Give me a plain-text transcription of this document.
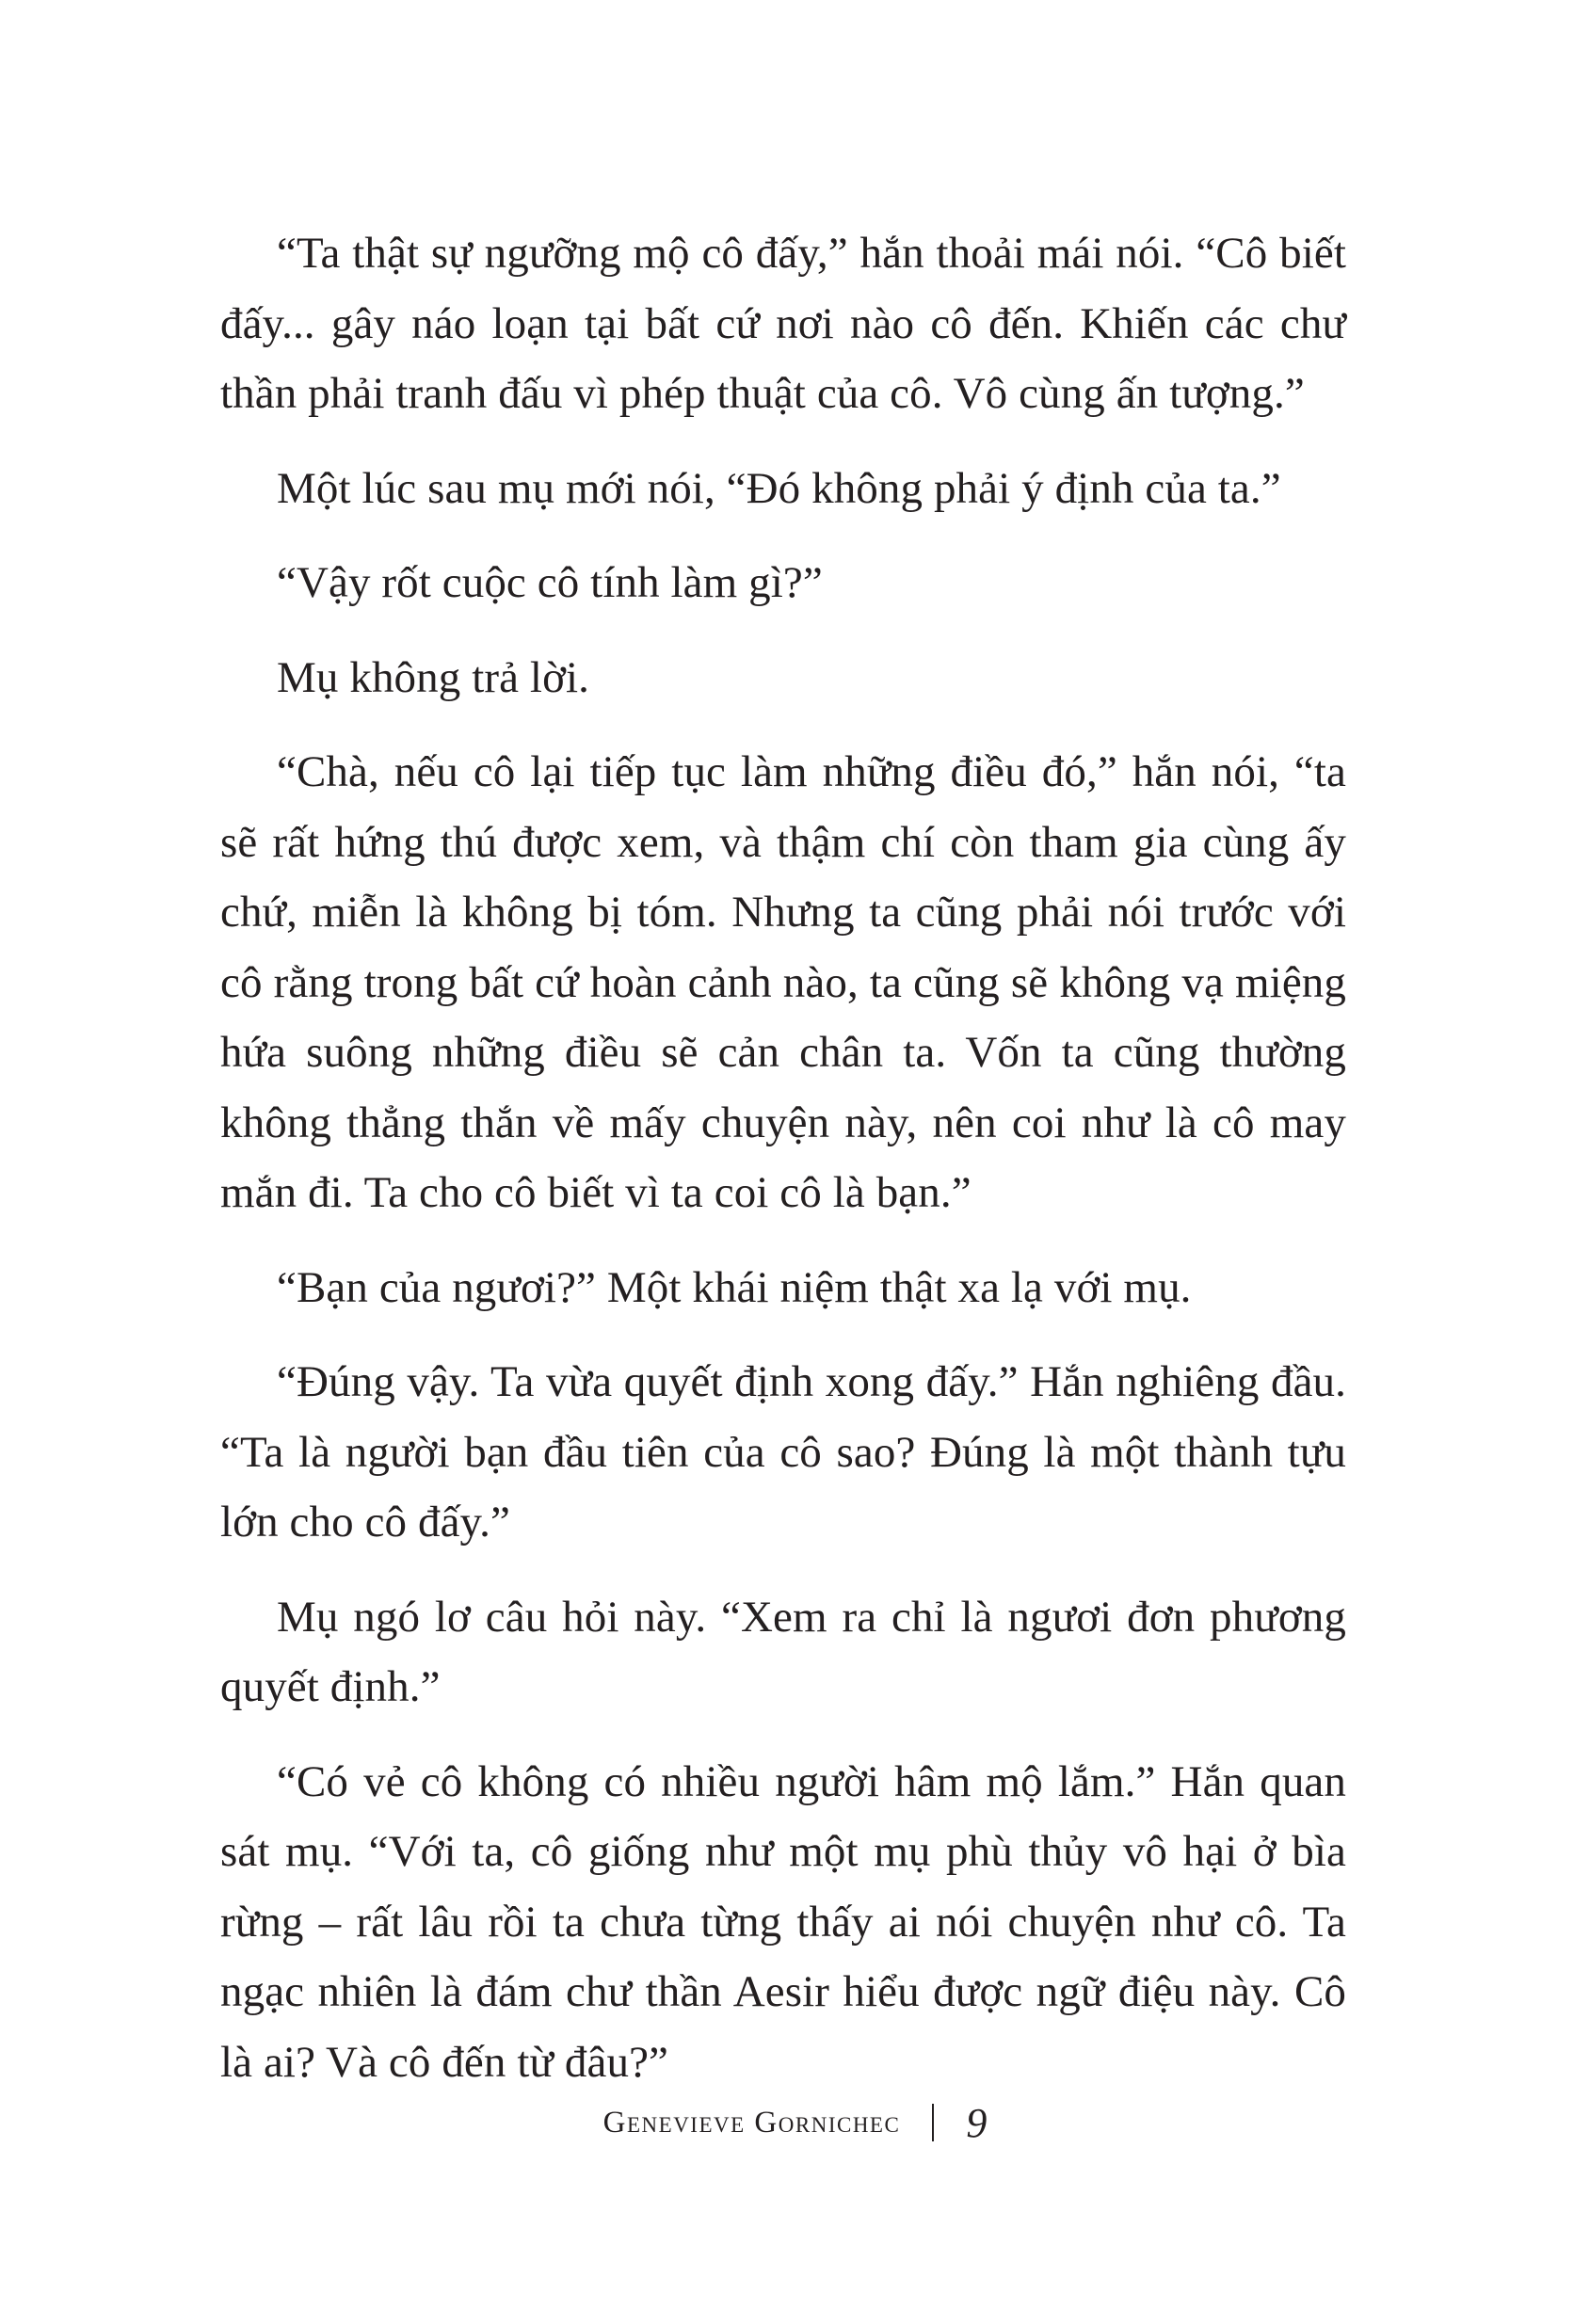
“Ta thật sự ngưỡng mộ cô đấy,” hắn thoải mái nói. “Cô biết đấy... gây náo loạn tại bất cứ nơi nào cô đến. Khiến các chư thần phải tranh đấu vì phép thuật của cô. Vô cùng ấn tượng.”

Một lúc sau mụ mới nói, “Đó không phải ý định của ta.”

“Vậy rốt cuộc cô tính làm gì?”

Mụ không trả lời.

“Chà, nếu cô lại tiếp tục làm những điều đó,” hắn nói, “ta sẽ rất hứng thú được xem, và thậm chí còn tham gia cùng ấy chứ, miễn là không bị tóm. Nhưng ta cũng phải nói trước với cô rằng trong bất cứ hoàn cảnh nào, ta cũng sẽ không vạ miệng hứa suông những điều sẽ cản chân ta. Vốn ta cũng thường không thẳng thắn về mấy chuyện này, nên coi như là cô may mắn đi. Ta cho cô biết vì ta coi cô là bạn.”

“Bạn của ngươi?” Một khái niệm thật xa lạ với mụ.

“Đúng vậy. Ta vừa quyết định xong đấy.” Hắn nghiêng đầu. “Ta là người bạn đầu tiên của cô sao? Đúng là một thành tựu lớn cho cô đấy.”

Mụ ngó lơ câu hỏi này. “Xem ra chỉ là ngươi đơn phương quyết định.”

“Có vẻ cô không có nhiều người hâm mộ lắm.” Hắn quan sát mụ. “Với ta, cô giống như một mụ phù thủy vô hại ở bìa rừng – rất lâu rồi ta chưa từng thấy ai nói chuyện như cô. Ta ngạc nhiên là đám chư thần Aesir hiểu được ngữ điệu này. Cô là ai? Và cô đến từ đâu?”

Genevieve Gornichec 9
